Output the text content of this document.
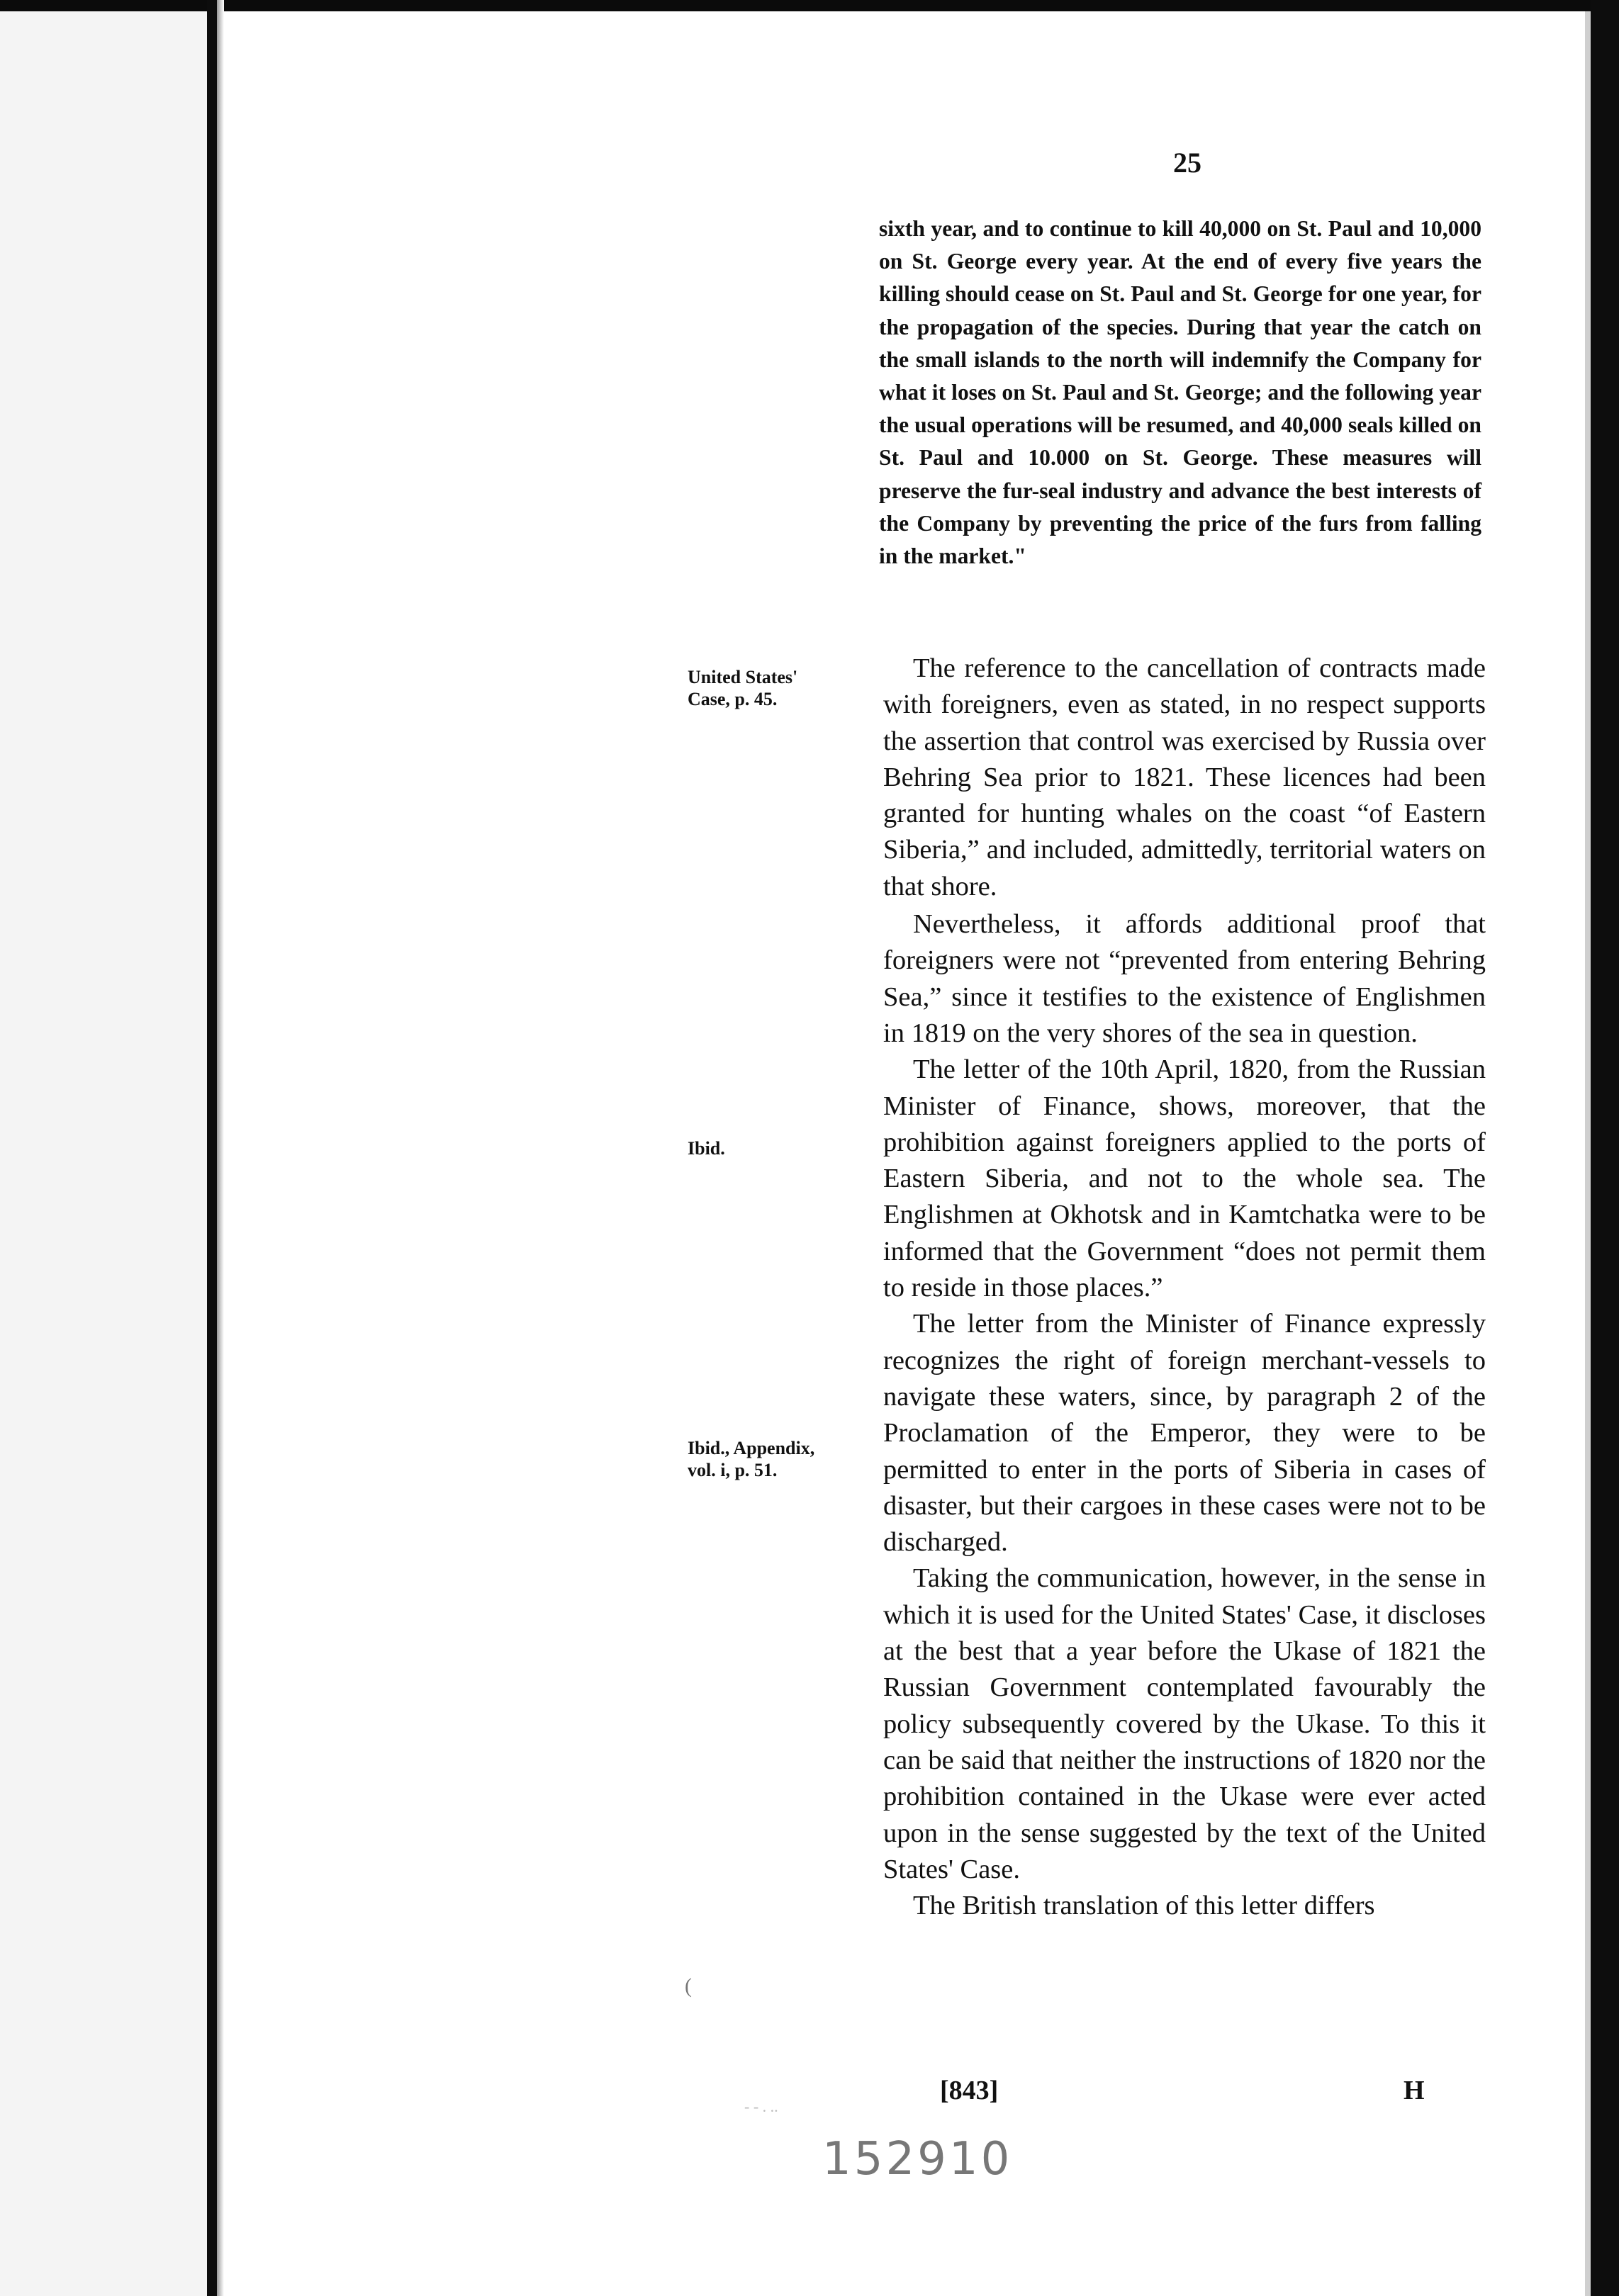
25
sixth year, and to continue to kill 40,000 on St. Paul and 10,000 on St. George every year. At the end of every five years the killing should cease on St. Paul and St. George for one year, for the propagation of the species. During that year the catch on the small islands to the north will indemnify the Company for what it loses on St. Paul and St. George; and the following year the usual operations will be resumed, and 40,000 seals killed on St. Paul and 10.000 on St. George. These measures will preserve the fur-seal industry and advance the best interests of the Company by preventing the price of the furs from falling in the market."
United States'
Case, p. 45.
Ibid.
Ibid., Appendix,
vol. i, p. 51.

The reference to the cancellation of contracts made with foreigners, even as stated, in no respect supports the assertion that control was exercised by Russia over Behring Sea prior to 1821. These licences had been granted for hunting whales on the coast “of Eastern Siberia,” and included, admittedly, territorial waters on that shore.

Nevertheless, it affords additional proof that foreigners were not “prevented from entering Behring Sea,” since it testifies to the existence of Englishmen in 1819 on the very shores of the sea in question.

The letter of the 10th April, 1820, from the Russian Minister of Finance, shows, moreover, that the prohibition against foreigners applied to the ports of Eastern Siberia, and not to the whole sea. The Englishmen at Okhotsk and in Kamtchatka were to be informed that the Government “does not permit them to reside in those places.”

The letter from the Minister of Finance expressly recognizes the right of foreign merchant-vessels to navigate these waters, since, by paragraph 2 of the Proclamation of the Emperor, they were to be permitted to enter in the ports of Siberia in cases of disaster, but their cargoes in these cases were not to be discharged.

Taking the communication, however, in the sense in which it is used for the United States' Case, it discloses at the best that a year before the Ukase of 1821 the Russian Government contemplated favourably the policy subsequently covered by the Ukase. To this it can be said that neither the instructions of 1820 nor the prohibition contained in the Ukase were ever acted upon in the sense suggested by the text of the United States' Case.

The British translation of this letter differs

(
[843]	H
- - . ..
152910
